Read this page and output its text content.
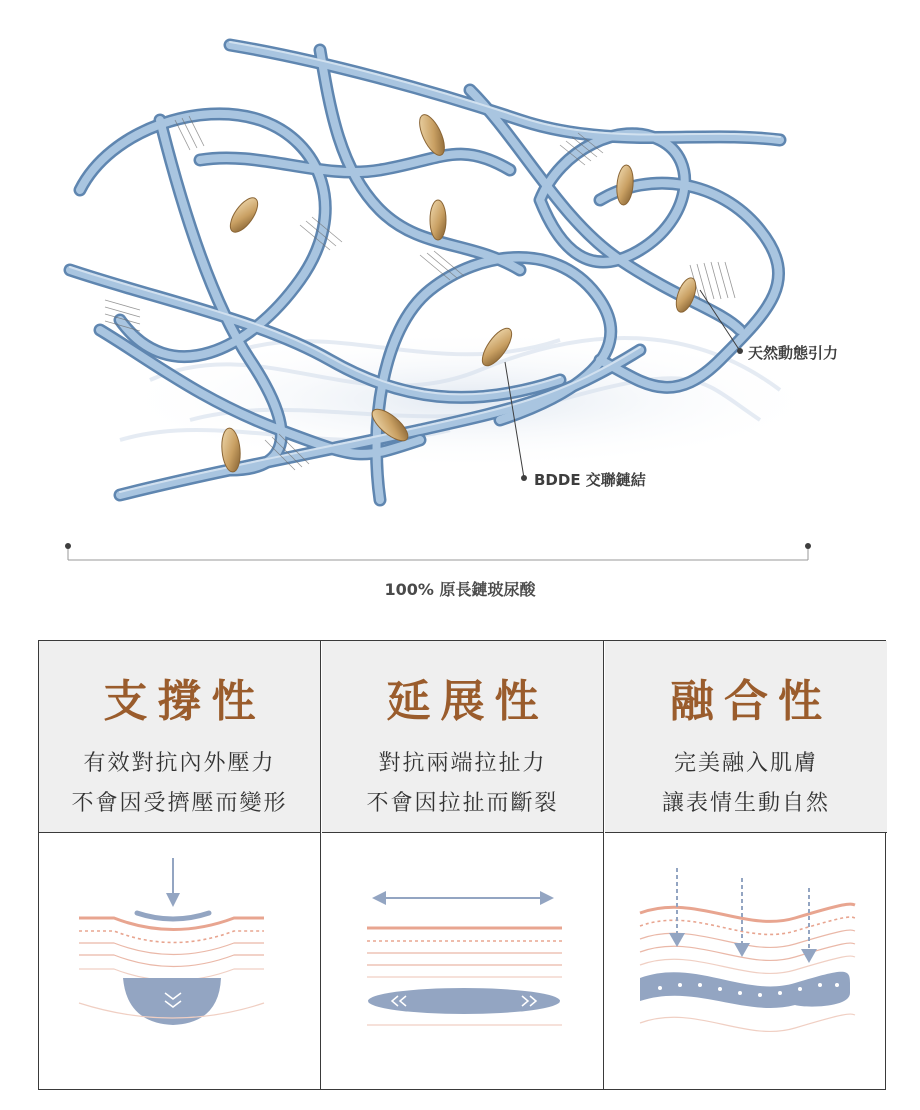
天然動態引力
BDDE 交聯鏈結
100% 原長鏈玻尿酸
支撐性
有效對抗內外壓力
不會因受擠壓而變形
延展性
對抗兩端拉扯力
不會因拉扯而斷裂
融合性
完美融入肌膚
讓表情生動自然
